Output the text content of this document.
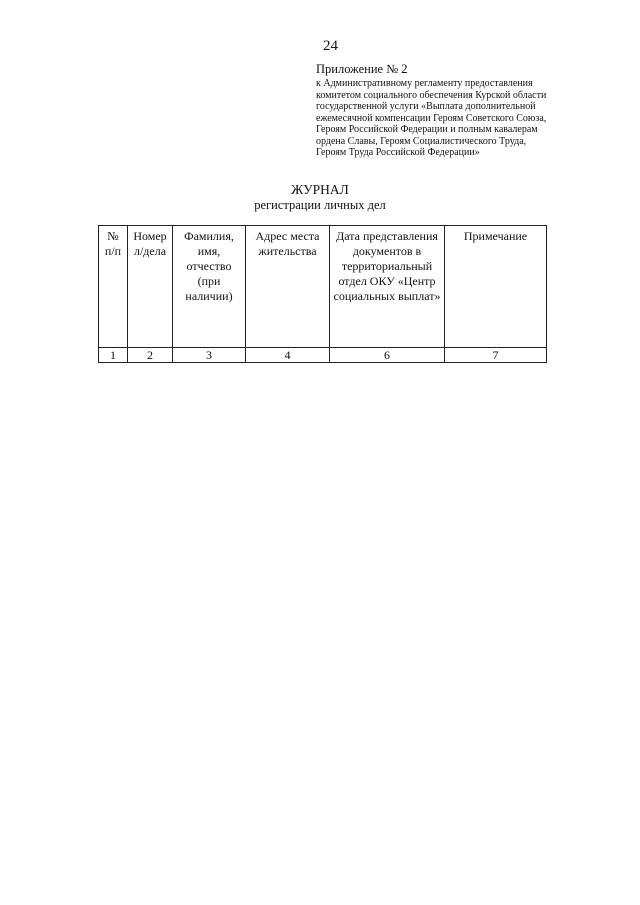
24

Приложение № 2

к Административному регламенту предоставления
комитетом социального обеспечения Курской области
государственной услуги «Выплата дополнительной
ежемесячной компенсации Героям Советского Союза,
Героям Российской Федерации и полным кавалерам
ордена Славы, Героям Социалистического Труда,
Героям Труда Российской Федерации»

ЖУРНАЛ

регистрации личных дел

№ п/п	Номер л/дела	Фамилия, имя, отчество (при наличии)	Адрес места жительства	Дата представления документов в территориальный отдел ОКУ «Центр социальных выплат»	Примечание
1	2	3	4	6	7
